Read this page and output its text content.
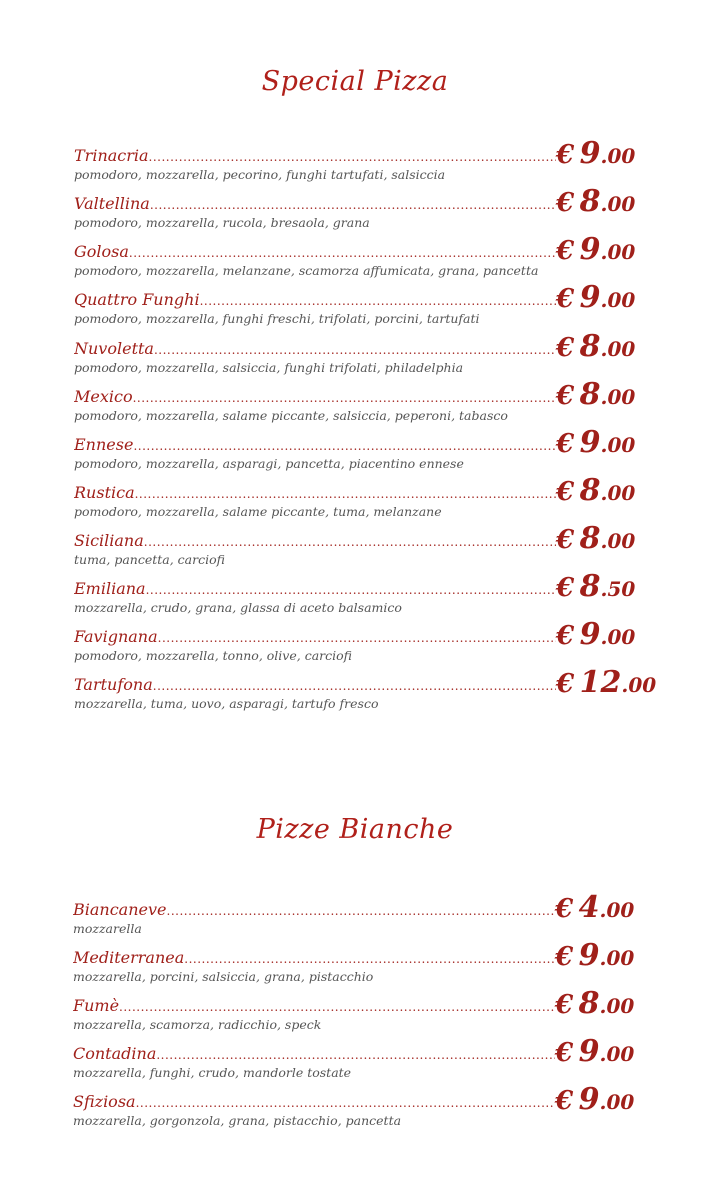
Special Pizza
Trinacria
.....
pomodoro, mozzarella, pecorino, funghi tartufati, salsiccia
€ 9.00
Valtellina
.....
pomodoro, mozzarella, rucola, bresaola, grana
€ 8.00
Golosa
.....
pomodoro, mozzarella, melanzane, scamorza affumicata, grana, pancetta
€ 9.00
Quattro Funghi
.....
pomodoro, mozzarella, funghi freschi, trifolati, porcini, tartufati
€ 9.00
Nuvoletta
.....
pomodoro, mozzarella, salsiccia, funghi trifolati, philadelphia
€ 8.00
Mexico
.....
pomodoro, mozzarella, salame piccante, salsiccia, peperoni, tabasco
€ 8.00
Ennese
.....
pomodoro, mozzarella, asparagi, pancetta, piacentino ennese
€ 9.00
Rustica
.....
pomodoro, mozzarella, salame piccante, tuma, melanzane
€ 8.00
Siciliana
.....
tuma, pancetta, carciofi
€ 8.00
Emiliana
.....
mozzarella, crudo, grana, glassa di aceto balsamico
€ 8.50
Favignana
.....
pomodoro, mozzarella, tonno, olive, carciofi
€ 9.00
Tartufona
.....
mozzarella, tuma, uovo, asparagi, tartufo fresco
€ 12.00
Pizze Bianche
Biancaneve
.....
mozzarella
€ 4.00
Mediterranea
.....
mozzarella, porcini, salsiccia, grana, pistacchio
€ 9.00
Fumè
.....
mozzarella, scamorza, radicchio, speck
€ 8.00
Contadina
.....
mozzarella, funghi, crudo, mandorle tostate
€ 9.00
Sfiziosa
.....
mozzarella, gorgonzola, grana, pistacchio, pancetta
€ 9.00
